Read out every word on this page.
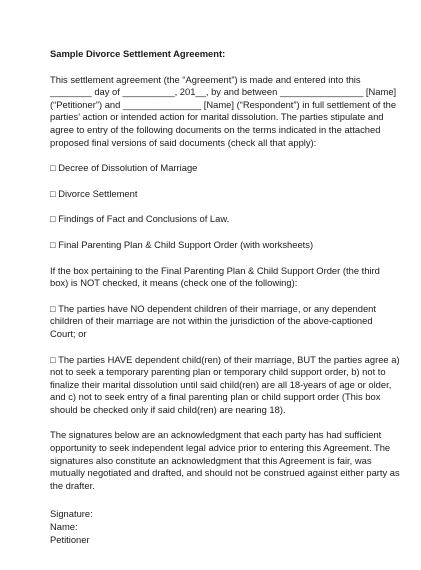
Sample Divorce Settlement Agreement:

This settlement agreement (the “Agreement”) is made and entered into this ________ day of __________, 201__, by and between ________________ [Name] (“Petitioner”) and _______________ [Name] (“Respondent”) in full settlement of the parties’ action or intended action for marital dissolution. The parties stipulate and agree to entry of the following documents on the terms indicated in the attached proposed final versions of said documents (check all that apply):

□ Decree of Dissolution of Marriage

□ Divorce Settlement

□ Findings of Fact and Conclusions of Law.

□ Final Parenting Plan & Child Support Order (with worksheets)

If the box pertaining to the Final Parenting Plan & Child Support Order (the third box) is NOT checked, it means (check one of the following):

□ The parties have NO dependent children of their marriage, or any dependent children of their marriage are not within the jurisdiction of the above-captioned Court; or

□ The parties HAVE dependent child(ren) of their marriage, BUT the parties agree a) not to seek a temporary parenting plan or temporary child support order, b) not to finalize their marital dissolution until said child(ren) are all 18-years of age or older, and c) not to seek entry of a final parenting plan or child support order (This box should be checked only if said child(ren) are nearing 18).

The signatures below are an acknowledgment that each party has had sufficient opportunity to seek independent legal advice prior to entering this Agreement. The signatures also constitute an acknowledgment that this Agreement is fair, was mutually negotiated and drafted, and should not be construed against either party as the drafter.

Signature:

Name:

Petitioner
